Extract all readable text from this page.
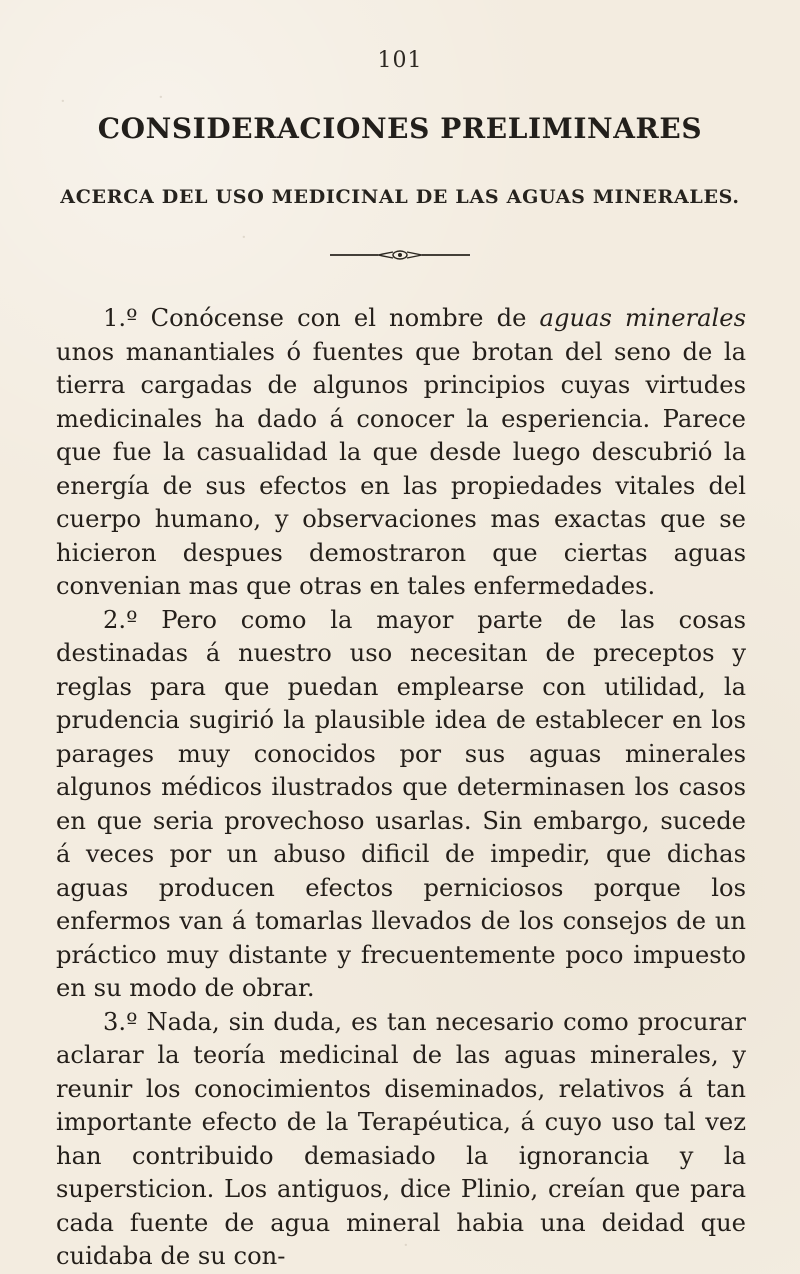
101
CONSIDERACIONES PRELIMINARES
ACERCA DEL USO MEDICINAL DE LAS AGUAS MINERALES.

1.º Conócense con el nombre de aguas minerales unos manantiales ó fuentes que brotan del seno de la tierra cargadas de algunos principios cuyas virtudes medicinales ha dado á conocer la esperiencia. Parece que fue la casualidad la que desde luego descubrió la energía de sus efectos en las propiedades vitales del cuerpo humano, y observaciones mas exactas que se hicieron despues demostraron que ciertas aguas convenian mas que otras en tales enfermedades.

2.º Pero como la mayor parte de las cosas destinadas á nuestro uso necesitan de preceptos y reglas para que puedan emplearse con utilidad, la prudencia sugirió la plausible idea de establecer en los parages muy conocidos por sus aguas minerales algunos médicos ilustrados que determinasen los casos en que seria provechoso usarlas. Sin embargo, sucede á veces por un abuso dificil de impedir, que dichas aguas producen efectos perniciosos porque los enfermos van á tomarlas llevados de los consejos de un práctico muy distante y frecuentemente poco impuesto en su modo de obrar.

3.º Nada, sin duda, es tan necesario como procurar aclarar la teoría medicinal de las aguas minerales, y reunir los conocimientos diseminados, relativos á tan importante efecto de la Terapéutica, á cuyo uso tal vez han contribuido demasiado la ignorancia y la supersticion. Los antiguos, dice Plinio, creían que para cada fuente de agua mineral habia una deidad que cuidaba de su con-

·	·
·
·
